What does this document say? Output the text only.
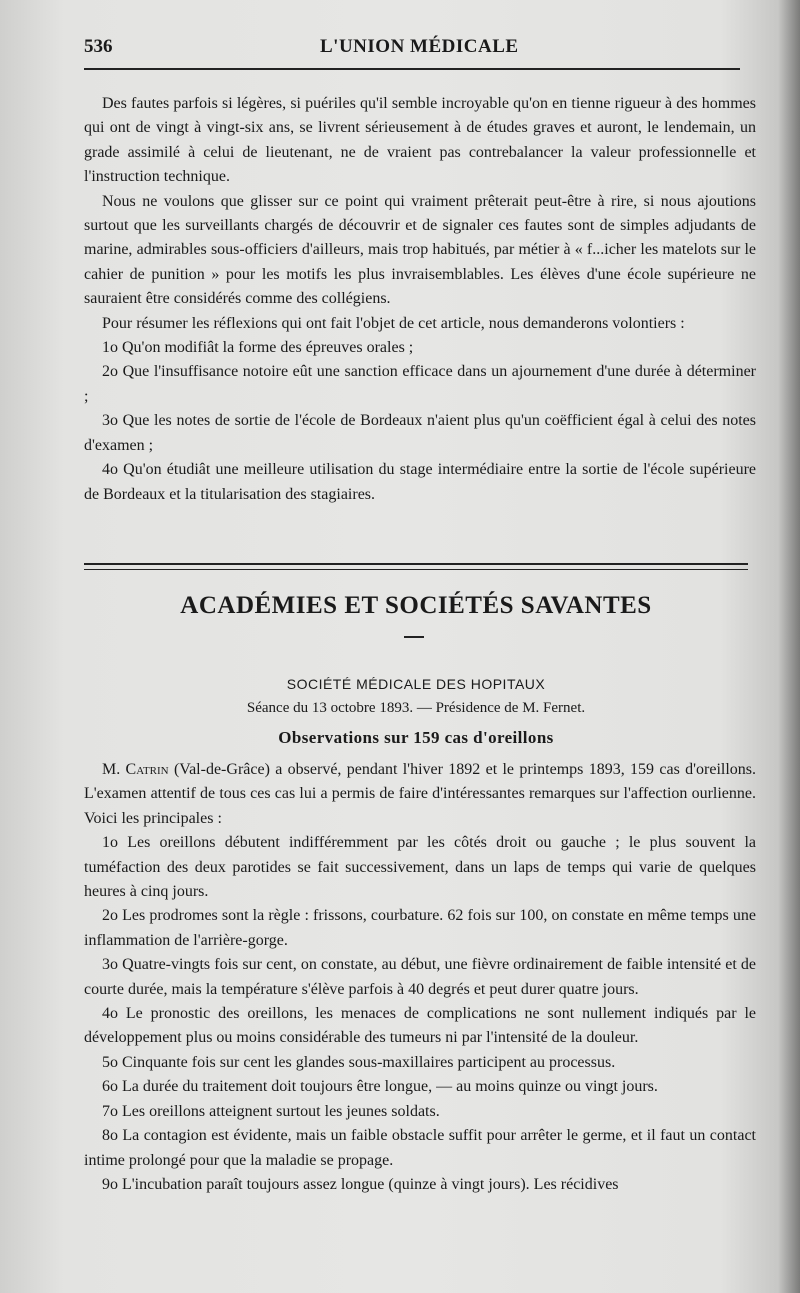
536	L'UNION MÉDICALE

Des fautes parfois si légères, si puériles qu'il semble incroyable qu'on en tienne rigueur à des hommes qui ont de vingt à vingt-six ans, se livrent sérieusement à de études graves et auront, le lendemain, un grade assimilé à celui de lieutenant, ne de vraient pas contrebalancer la valeur professionnelle et l'instruction technique.

Nous ne voulons que glisser sur ce point qui vraiment prêterait peut-être à rire, si nous ajoutions surtout que les surveillants chargés de découvrir et de signaler ces fautes sont de simples adjudants de marine, admirables sous-officiers d'ailleurs, mais trop habitués, par métier à « f...icher les matelots sur le cahier de punition » pour les motifs les plus invraisemblables. Les élèves d'une école supérieure ne sauraient être considérés comme des collégiens.

Pour résumer les réflexions qui ont fait l'objet de cet article, nous demanderons volontiers :

1o Qu'on modifiât la forme des épreuves orales ;

2o Que l'insuffisance notoire eût une sanction efficace dans un ajournement d'une durée à déterminer ;

3o Que les notes de sortie de l'école de Bordeaux n'aient plus qu'un coëfficient égal à celui des notes d'examen ;

4o Qu'on étudiât une meilleure utilisation du stage intermédiaire entre la sortie de l'école supérieure de Bordeaux et la titularisation des stagiaires.

ACADÉMIES ET SOCIÉTÉS SAVANTES
SOCIÉTÉ MÉDICALE DES HOPITAUX
Séance du 13 octobre 1893. — Présidence de M. Fernet.
Observations sur 159 cas d'oreillons

M. Catrin (Val-de-Grâce) a observé, pendant l'hiver 1892 et le printemps 1893, 159 cas d'oreillons. L'examen attentif de tous ces cas lui a permis de faire d'intéressantes remarques sur l'affection ourlienne. Voici les principales :

1o Les oreillons débutent indifféremment par les côtés droit ou gauche ; le plus souvent la tuméfaction des deux parotides se fait successivement, dans un laps de temps qui varie de quelques heures à cinq jours.

2o Les prodromes sont la règle : frissons, courbature. 62 fois sur 100, on constate en même temps une inflammation de l'arrière-gorge.

3o Quatre-vingts fois sur cent, on constate, au début, une fièvre ordinairement de faible intensité et de courte durée, mais la température s'élève parfois à 40 degrés et peut durer quatre jours.

4o Le pronostic des oreillons, les menaces de complications ne sont nullement indiqués par le développement plus ou moins considérable des tumeurs ni par l'intensité de la douleur.

5o Cinquante fois sur cent les glandes sous-maxillaires participent au processus.

6o La durée du traitement doit toujours être longue, — au moins quinze ou vingt jours.

7o Les oreillons atteignent surtout les jeunes soldats.

8o La contagion est évidente, mais un faible obstacle suffit pour arrêter le germe, et il faut un contact intime prolongé pour que la maladie se propage.

9o L'incubation paraît toujours assez longue (quinze à vingt jours). Les récidives
